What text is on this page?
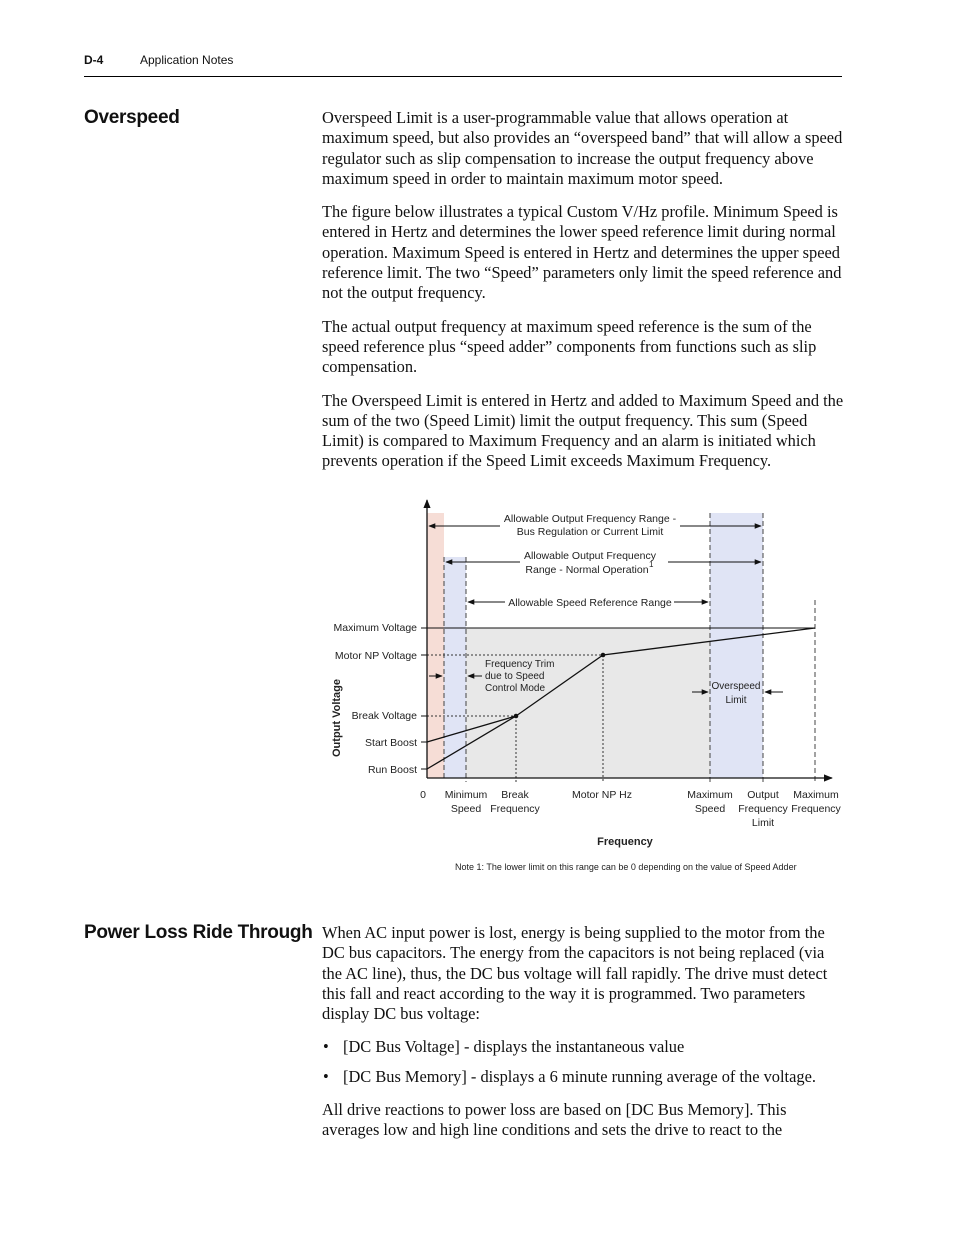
D-4	Application Notes
Overspeed	Overspeed Limit is a user-programmable value that allows operation at maximum speed, but also provides an “overspeed band” that will allow a speed regulator such as slip compensation to increase the output frequency above maximum speed in order to maintain maximum motor speed.

The figure below illustrates a typical Custom V/Hz profile. Minimum Speed is entered in Hertz and determines the lower speed reference limit during normal operation. Maximum Speed is entered in Hertz and determines the upper speed reference limit. The two “Speed” parameters only limit the speed reference and not the output frequency.

The actual output frequency at maximum speed reference is the sum of the speed reference plus “speed adder” components from functions such as slip compensation.

The Overspeed Limit is entered in Hertz and added to Maximum Speed and the sum of the two (Speed Limit) limit the output frequency. This sum (Speed Limit) is compared to Maximum Frequency and an alarm is initiated which prevents operation if the Speed Limit exceeds Maximum Frequency.

Allowable Output Frequency Range -
Bus Regulation or Current Limit
Allowable Output Frequency
Range - Normal Operation 1
Allowable Speed Reference Range
Maximum Voltage
Motor NP Voltage
Break Voltage
Start Boost
Run Boost
Output Voltage
0 Minimum
Speed
Break
Frequency
Motor NP Hz	Maximum
Speed
Output
Frequency
Limit
Maximum
Frequency
Frequency
Frequency Trim
due to Speed
Control Mode	Overspeed
Limit
Note 1: The lower limit on this range can be 0 depending on the value of Speed Adder
Power Loss Ride Through When AC input power is lost, energy is being supplied to the motor from the DC bus capacitors. The energy from the capacitors is not being replaced (via the AC line), thus, the DC bus voltage will fall rapidly. The drive must detect this fall and react according to the way it is programmed. Two parameters display DC bus voltage:

• [DC Bus Voltage] - displays the instantaneous value
• [DC Bus Memory] - displays a 6 minute running average of the voltage.

All drive reactions to power loss are based on [DC Bus Memory]. This averages low and high line conditions and sets the drive to react to the
